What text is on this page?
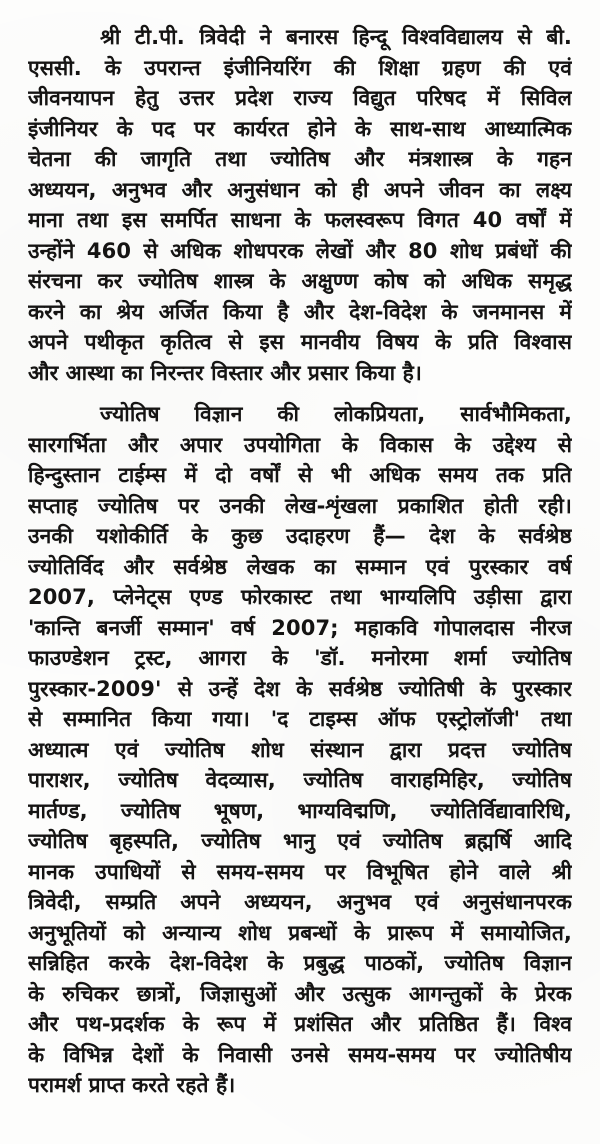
श्री टी.पी. त्रिवेदी ने बनारस हिन्दू विश्वविद्यालय से बी.
एससी. के उपरान्त इंजीनियरिंग की शिक्षा ग्रहण की एवं
जीवनयापन हेतु उत्तर प्रदेश राज्य विद्युत परिषद में सिविल
इंजीनियर के पद पर कार्यरत होने के साथ-साथ आध्यात्मिक
चेतना की जागृति तथा ज्योतिष और मंत्रशास्त्र के गहन
अध्ययन, अनुभव और अनुसंधान को ही अपने जीवन का लक्ष्य
माना तथा इस समर्पित साधना के फलस्वरूप विगत 40 वर्षों में
उन्होंने 460 से अधिक शोधपरक लेखों और 80 शोध प्रबंधों की
संरचना कर ज्योतिष शास्त्र के अक्षुण्ण कोष को अधिक समृद्ध
करने का श्रेय अर्जित किया है और देश-विदेश के जनमानस में
अपने पथीकृत कृतित्व से इस मानवीय विषय के प्रति विश्वास
और आस्था का निरन्तर विस्तार और प्रसार किया है।
ज्योतिष विज्ञान की लोकप्रियता, सार्वभौमिकता,
सारगर्भिता और अपार उपयोगिता के विकास के उद्देश्य से
हिन्दुस्तान टाईम्स में दो वर्षों से भी अधिक समय तक प्रति
सप्ताह ज्योतिष पर उनकी लेख-शृंखला प्रकाशित होती रही।
उनकी यशोकीर्ति के कुछ उदाहरण हैं— देश के सर्वश्रेष्ठ
ज्योतिर्विद और सर्वश्रेष्ठ लेखक का सम्मान एवं पुरस्कार वर्ष
2007, प्लेनेट्स एण्ड फोरकास्ट तथा भाग्यलिपि उड़ीसा द्वारा
'कान्ति बनर्जी सम्मान' वर्ष 2007; महाकवि गोपालदास नीरज
फाउण्डेशन ट्रस्ट, आगरा के 'डॉ. मनोरमा शर्मा ज्योतिष
पुरस्कार-2009' से उन्हें देश के सर्वश्रेष्ठ ज्योतिषी के पुरस्कार
से सम्मानित किया गया। 'द टाइम्स ऑफ एस्ट्रोलॉजी' तथा
अध्यात्म एवं ज्योतिष शोध संस्थान द्वारा प्रदत्त ज्योतिष
पाराशर, ज्योतिष वेदव्यास, ज्योतिष वाराहमिहिर, ज्योतिष
मार्तण्ड, ज्योतिष भूषण, भाग्यविद्मणि, ज्योतिर्विद्यावारिधि,
ज्योतिष बृहस्पति, ज्योतिष भानु एवं ज्योतिष ब्रह्मर्षि आदि
मानक उपाधियों से समय-समय पर विभूषित होने वाले श्री
त्रिवेदी, सम्प्रति अपने अध्ययन, अनुभव एवं अनुसंधानपरक
अनुभूतियों को अन्यान्य शोध प्रबन्धों के प्रारूप में समायोजित,
सन्निहित करके देश-विदेश के प्रबुद्ध पाठकों, ज्योतिष विज्ञान
के रुचिकर छात्रों, जिज्ञासुओं और उत्सुक आगन्तुकों के प्रेरक
और पथ-प्रदर्शक के रूप में प्रशंसित और प्रतिष्ठित हैं। विश्व
के विभिन्न देशों के निवासी उनसे समय-समय पर ज्योतिषीय
परामर्श प्राप्त करते रहते हैं।
